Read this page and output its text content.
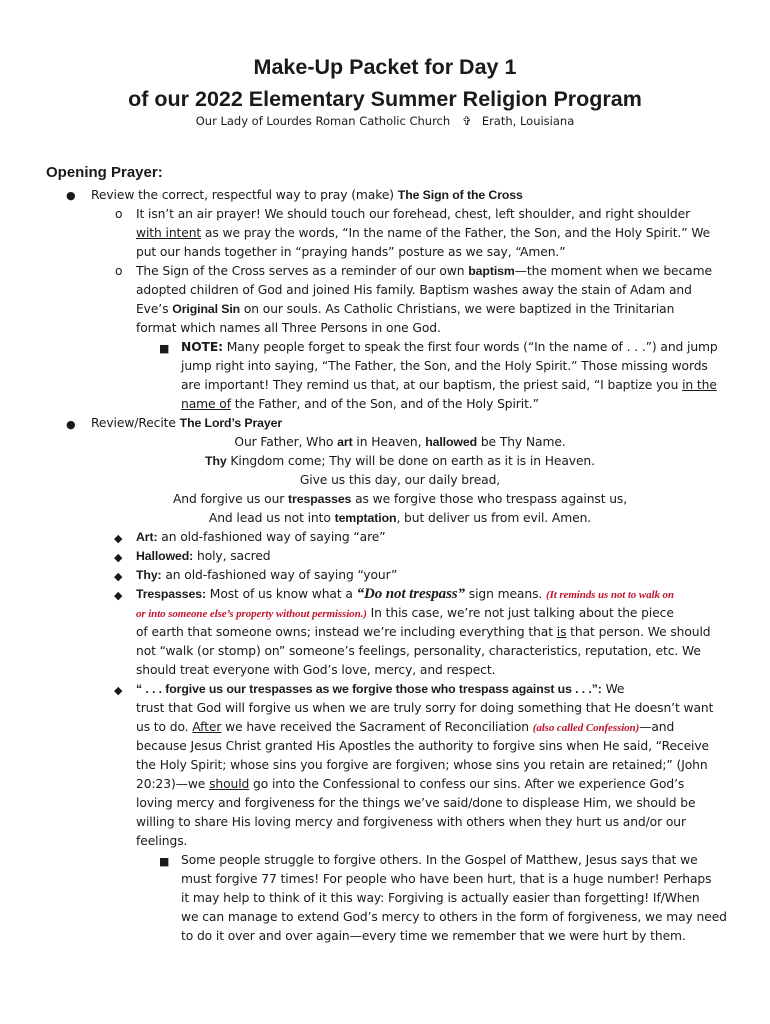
Make-Up Packet for Day 1
of our 2022 Elementary Summer Religion Program
Our Lady of Lourdes Roman Catholic Church ✞ Erath, Louisiana
Opening Prayer:
● Review the correct, respectful way to pray (make) The Sign of the Cross
o It isn’t an air prayer! We should touch our forehead, chest, left shoulder, and right shoulder
with intent as we pray the words, “In the name of the Father, the Son, and the Holy Spirit.” We
put our hands together in “praying hands” posture as we say, “Amen.”
o The Sign of the Cross serves as a reminder of our own baptism—the moment when we became
adopted children of God and joined His family. Baptism washes away the stain of Adam and
Eve’s Original Sin on our souls. As Catholic Christians, we were baptized in the Trinitarian
format which names all Three Persons in one God.
■ NOTE: Many people forget to speak the first four words (“In the name of . . .”) and jump
jump right into saying, “The Father, the Son, and the Holy Spirit.” Those missing words
are important! They remind us that, at our baptism, the priest said, “I baptize you in the
name of the Father, and of the Son, and of the Holy Spirit.”
● Review/Recite The Lord’s Prayer
Our Father, Who art in Heaven, hallowed be Thy Name.
Thy Kingdom come; Thy will be done on earth as it is in Heaven.
Give us this day, our daily bread,
And forgive us our trespasses as we forgive those who trespass against us,
And lead us not into temptation, but deliver us from evil. Amen.
◆ Art: an old-fashioned way of saying “are”
◆ Hallowed: holy, sacred
◆ Thy: an old-fashioned way of saying “your”
◆ Trespasses: Most of us know what a “Do not trespass” sign means. (It reminds us not to walk on
or into someone else’s property without permission.) In this case, we’re not just talking about the piece
of earth that someone owns; instead we’re including everything that is that person. We should
not “walk (or stomp) on” someone’s feelings, personality, characteristics, reputation, etc. We
should treat everyone with God’s love, mercy, and respect.
◆ “ . . . forgive us our trespasses as we forgive those who trespass against us . . .”: We
trust that God will forgive us when we are truly sorry for doing something that He doesn’t want
us to do. After we have received the Sacrament of Reconciliation (also called Confession)—and
because Jesus Christ granted His Apostles the authority to forgive sins when He said, “Receive
the Holy Spirit; whose sins you forgive are forgiven; whose sins you retain are retained;” (John
20:23)—we should go into the Confessional to confess our sins. After we experience God’s
loving mercy and forgiveness for the things we’ve said/done to displease Him, we should be
willing to share His loving mercy and forgiveness with others when they hurt us and/or our
feelings.
■ Some people struggle to forgive others. In the Gospel of Matthew, Jesus says that we
must forgive 77 times! For people who have been hurt, that is a huge number! Perhaps
it may help to think of it this way: Forgiving is actually easier than forgetting! If/When
we can manage to extend God’s mercy to others in the form of forgiveness, we may need
to do it over and over again—every time we remember that we were hurt by them.
